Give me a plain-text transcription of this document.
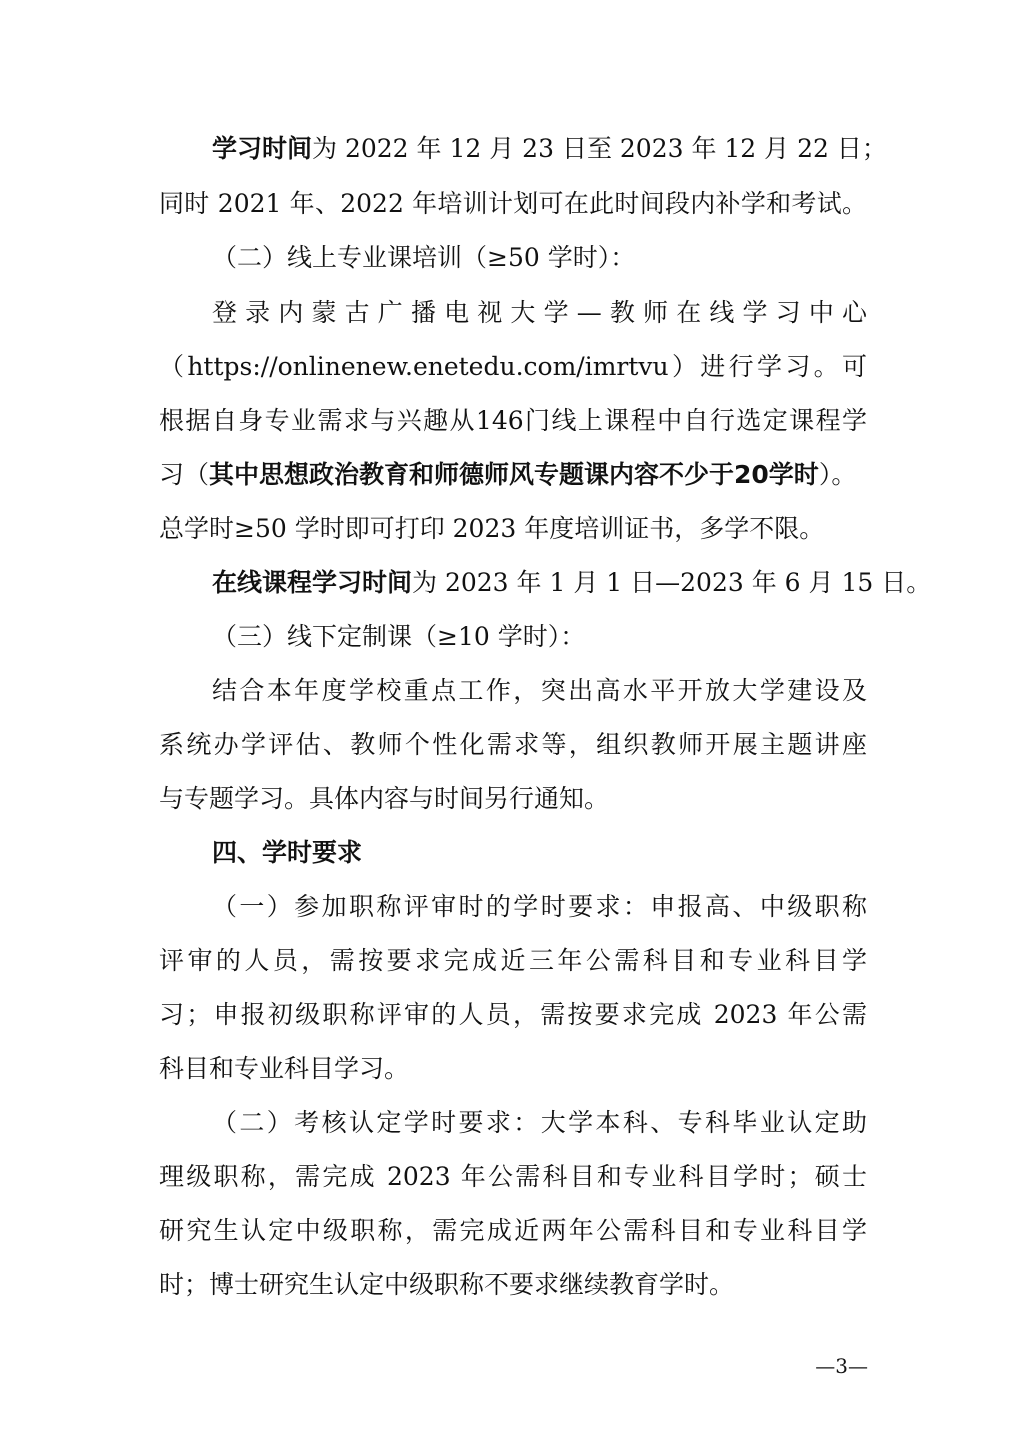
学习时间为 2022 年 12 月 23 日至 2023 年 12 月 22 日；
同时 2021 年、2022 年培训计划可在此时间段内补学和考试。
（二）线上专业课培训（≥50 学时）：
登录内蒙古广播电视大学—教师在线学习中心
（https://onlinenew.enetedu.com/imrtvu）进行学习。可
根据自身专业需求与兴趣从146门线上课程中自行选定课程学
习（其中思想政治教育和师德师风专题课内容不少于20学时）。
总学时≥50 学时即可打印 2023 年度培训证书，多学不限。
在线课程学习时间为 2023 年 1 月 1 日—2023 年 6 月 15 日。
（三）线下定制课（≥10 学时）：
结合本年度学校重点工作，突出高水平开放大学建设及
系统办学评估、教师个性化需求等，组织教师开展主题讲座
与专题学习。具体内容与时间另行通知。
四、学时要求
（一）参加职称评审时的学时要求：申报高、中级职称
评审的人员，需按要求完成近三年公需科目和专业科目学
习；申报初级职称评审的人员，需按要求完成 2023 年公需
科目和专业科目学习。
（二）考核认定学时要求：大学本科、专科毕业认定助
理级职称，需完成 2023 年公需科目和专业科目学时；硕士
研究生认定中级职称，需完成近两年公需科目和专业科目学
时；博士研究生认定中级职称不要求继续教育学时。
—3—
